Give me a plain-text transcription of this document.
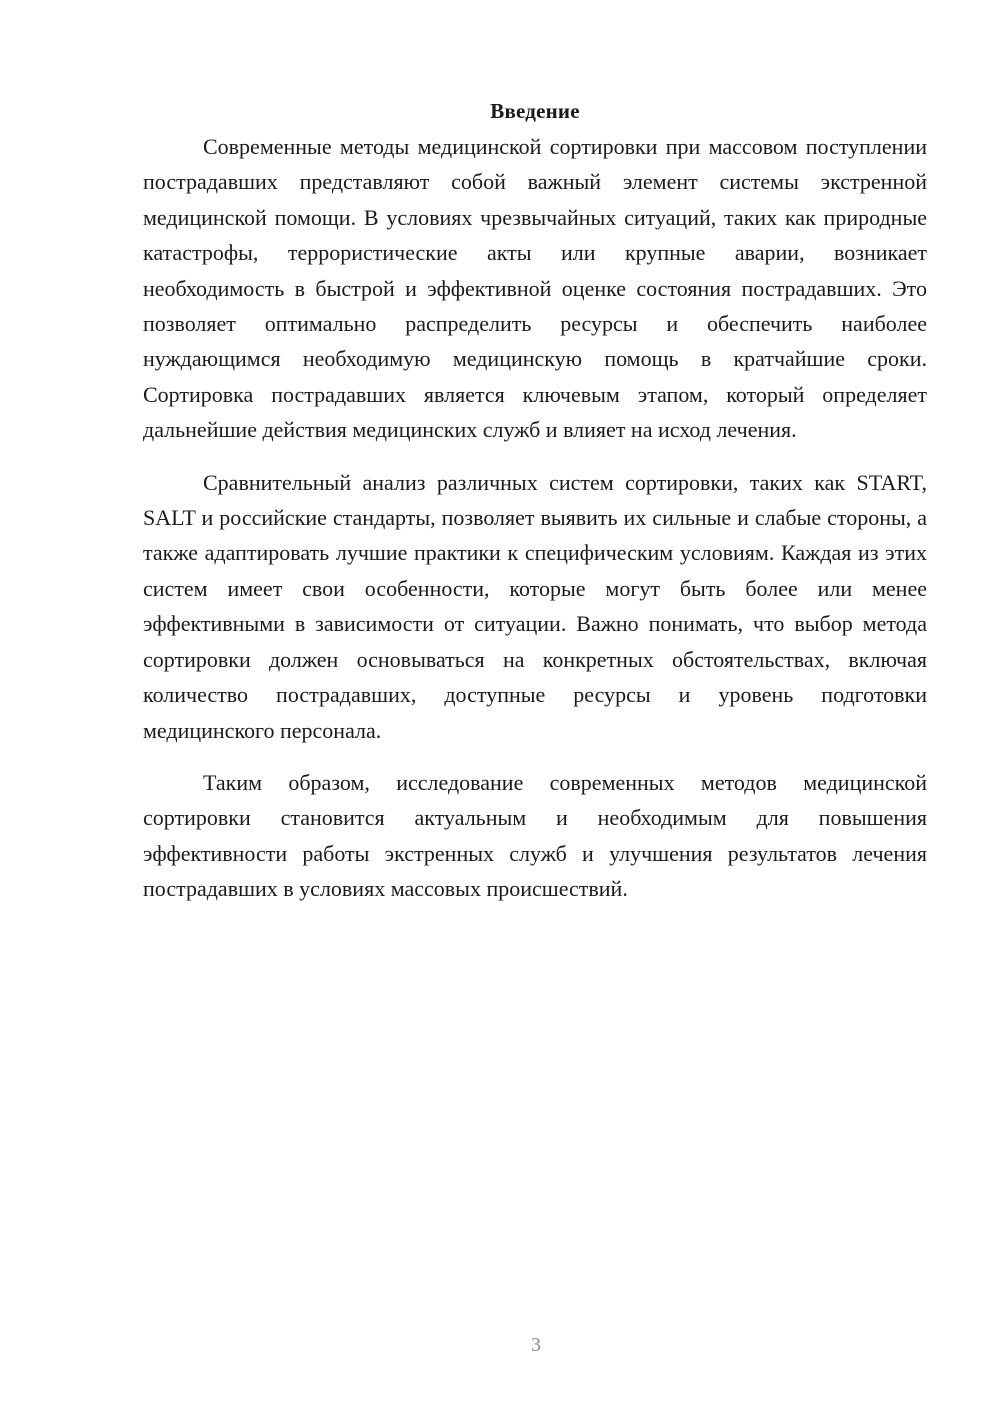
Введение

Современные методы медицинской сортировки при массовом поступлении пострадавших представляют собой важный элемент системы экстренной медицинской помощи. В условиях чрезвычайных ситуаций, таких как природные катастрофы, террористические акты или крупные аварии, возникает необходимость в быстрой и эффективной оценке состояния пострадавших. Это позволяет оптимально распределить ресурсы и обеспечить наиболее нуждающимся необходимую медицинскую помощь в кратчайшие сроки. Сортировка пострадавших является ключевым этапом, который определяет дальнейшие действия медицинских служб и влияет на исход лечения.

Сравнительный анализ различных систем сортировки, таких как START, SALT и российские стандарты, позволяет выявить их сильные и слабые стороны, а также адаптировать лучшие практики к специфическим условиям. Каждая из этих систем имеет свои особенности, которые могут быть более или менее эффективными в зависимости от ситуации. Важно понимать, что выбор метода сортировки должен основываться на конкретных обстоятельствах, включая количество пострадавших, доступные ресурсы и уровень подготовки медицинского персонала.

Таким образом, исследование современных методов медицинской сортировки становится актуальным и необходимым для повышения эффективности работы экстренных служб и улучшения результатов лечения пострадавших в условиях массовых происшествий.

3
